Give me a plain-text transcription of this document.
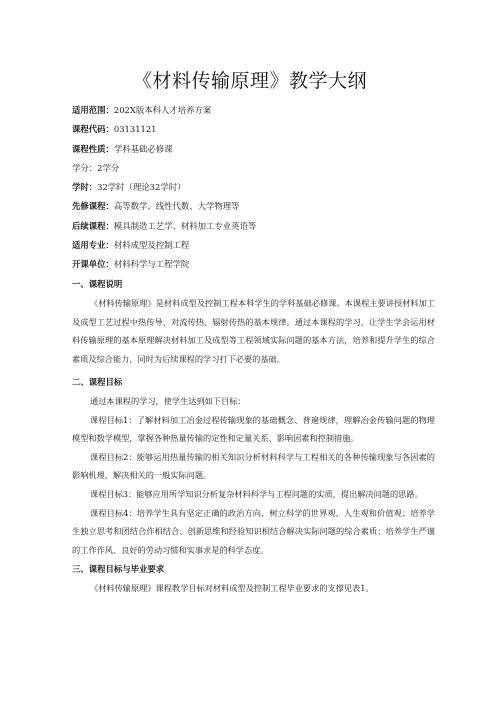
《材料传输原理》教学大纲
适用范围：202X版本科人才培养方案
课程代码：03131121
课程性质：学科基础必修课
学分：2学分
学时：32学时（理论32学时）
先修课程：高等数学、线性代数、大学物理等
后续课程：模具制造工艺学、材料加工专业英语等
适用专业：材料成型及控制工程
开课单位：材料科学与工程学院
一、课程说明

《材料传输原理》是材料成型及控制工程本科学生的学科基础必修课。本课程主要讲授材料加工及成型工艺过程中热传导、对流传热、辐射传热的基本规律。通过本课程的学习，让学生学会运用材料传输原理的基本原理解决材料加工及成型等工程领域实际问题的基本方法，培养和提升学生的综合素质及综合能力，同时为后续课程的学习打下必要的基础。

二、课程目标

通过本课程的学习，使学生达到如下目标：

课程目标1：了解材料加工冶金过程传输现象的基础概念、普遍规律，理解冶金传输问题的物理模型和数学模型，掌握各种热量传输的定性和定量关系、影响因素和控制措施。

课程目标2：能够运用热量传输的相关知识分析材料科学与工程相关的各种传输现象与各因素的影响机理，解决相关的一般实际问题。

课程目标3：能够应用所学知识分析复杂材料科学与工程问题的实质，提出解决问题的思路。

课程目标4：培养学生具有坚定正确的政治方向，树立科学的世界观、人生观和价值观；培养学生独立思考和团结合作相结合、创新思维和经验知识相结合解决实际问题的综合素质；培养学生严谨的工作作风、良好的劳动习惯和实事求是的科学态度。

三、课程目标与毕业要求

《材料传输原理》课程教学目标对材料成型及控制工程毕业要求的支撑见表1。
